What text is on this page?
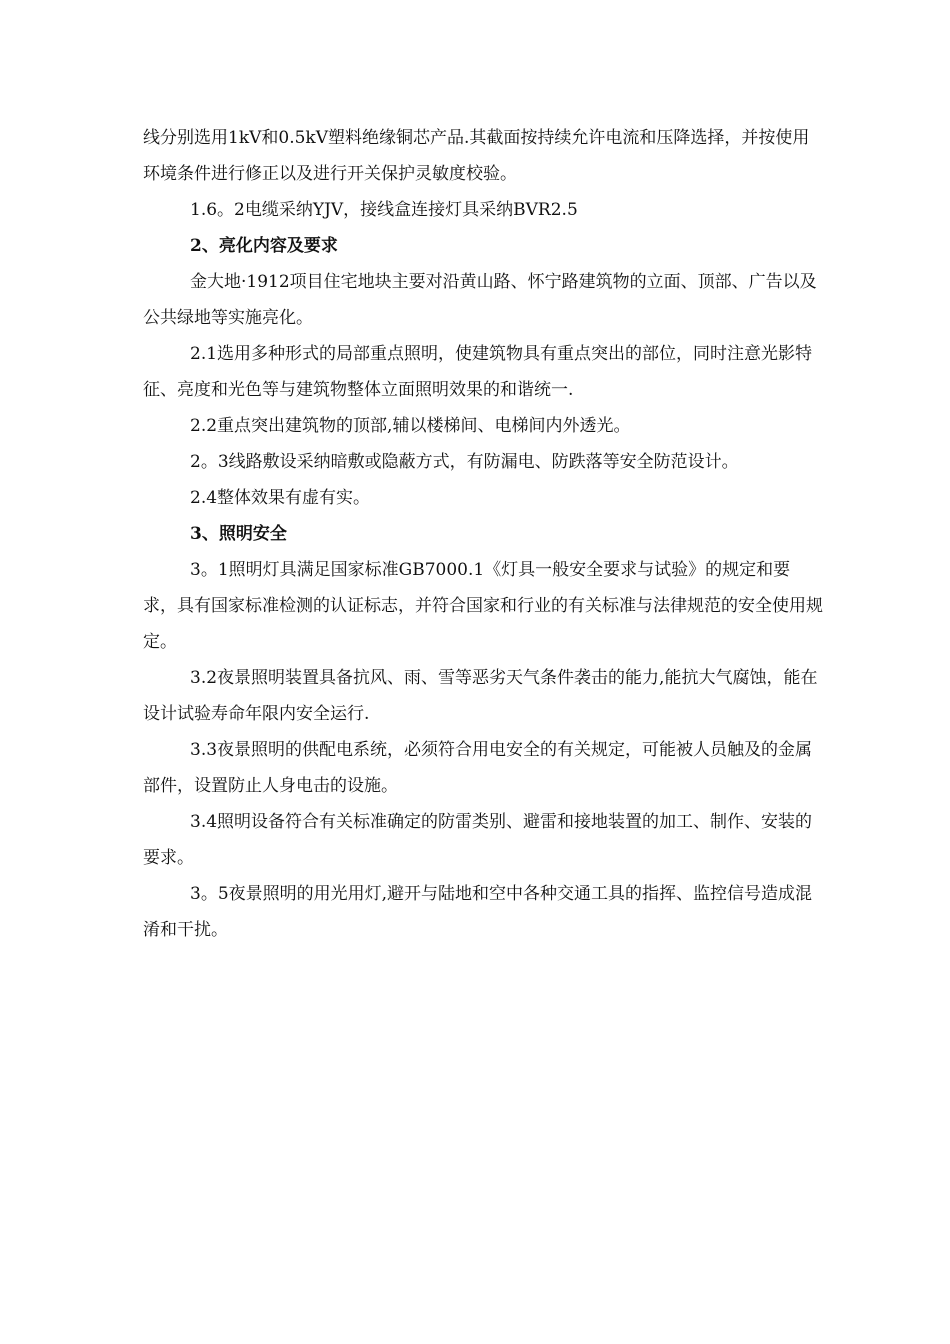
线分别选用1kV和0.5kV塑料绝缘铜芯产品.其截面按持续允许电流和压降选择，并按使用环境条件进行修正以及进行开关保护灵敏度校验。

1.6。2电缆采纳YJV，接线盒连接灯具采纳BVR2.5

2、亮化内容及要求

金大地·1912项目住宅地块主要对沿黄山路、怀宁路建筑物的立面、顶部、广告以及公共绿地等实施亮化。

2.1选用多种形式的局部重点照明，使建筑物具有重点突出的部位，同时注意光影特征、亮度和光色等与建筑物整体立面照明效果的和谐统一.

2.2重点突出建筑物的顶部,辅以楼梯间、电梯间内外透光。

2。3线路敷设采纳暗敷或隐蔽方式，有防漏电、防跌落等安全防范设计。

2.4整体效果有虚有实。

3、照明安全

3。1照明灯具满足国家标准GB7000.1《灯具一般安全要求与试验》的规定和要求，具有国家标准检测的认证标志，并符合国家和行业的有关标准与法律规范的安全使用规定。

3.2夜景照明装置具备抗风、雨、雪等恶劣天气条件袭击的能力,能抗大气腐蚀，能在设计试验寿命年限内安全运行.

3.3夜景照明的供配电系统，必须符合用电安全的有关规定，可能被人员触及的金属部件，设置防止人身电击的设施。

3.4照明设备符合有关标准确定的防雷类别、避雷和接地装置的加工、制作、安装的要求。

3。5夜景照明的用光用灯,避开与陆地和空中各种交通工具的指挥、监控信号造成混淆和干扰。
